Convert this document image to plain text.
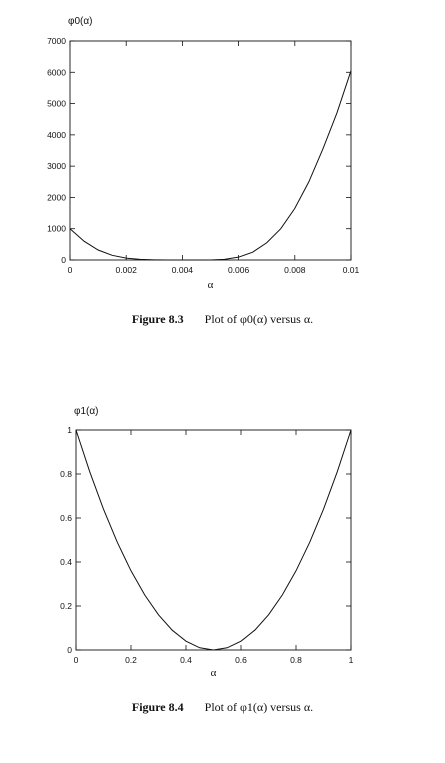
0	0.002	0.004	0.006	0.008	0.01
0
1000
2000
3000
4000
5000
6000
7000
φ0(α)
α
Figure 8.3 Plot of φ0(α) versus α.
0	0.2	0.4	0.6	0.8	1
0
0.2
0.4
0.6
0.8
1
φ1(α)
α
Figure 8.4 Plot of φ1(α) versus α.
